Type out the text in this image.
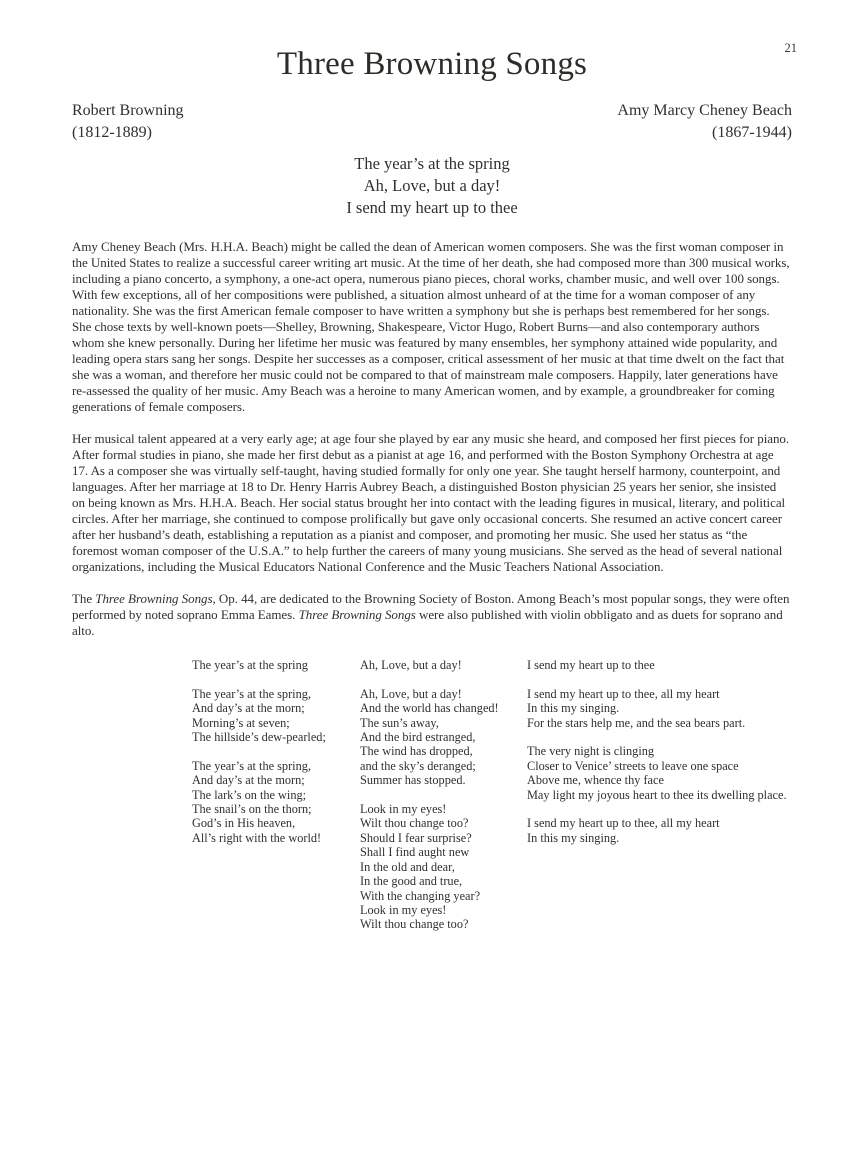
21
Three Browning Songs
Robert Browning
(1812-1889)
Amy Marcy Cheney Beach
(1867-1944)
The year’s at the spring
Ah, Love, but a day!
I send my heart up to thee

Amy Cheney Beach (Mrs. H.H.A. Beach) might be called the dean of American women composers. She was the first woman composer in the United States to realize a successful career writing art music. At the time of her death, she had composed more than 300 musical works, including a piano concerto, a symphony, a one-act opera, numerous piano pieces, choral works, chamber music, and well over 100 songs. With few exceptions, all of her compositions were published, a situation almost unheard of at the time for a woman composer of any nationality. She was the first American female composer to have written a symphony but she is perhaps best remembered for her songs. She chose texts by well-known poets—Shelley, Browning, Shakespeare, Victor Hugo, Robert Burns—and also contemporary authors whom she knew personally. During her lifetime her music was featured by many ensembles, her symphony attained wide popularity, and leading opera stars sang her songs. Despite her successes as a composer, critical assessment of her music at that time dwelt on the fact that she was a woman, and therefore her music could not be compared to that of mainstream male composers. Happily, later generations have re-assessed the quality of her music. Amy Beach was a heroine to many American women, and by example, a groundbreaker for coming generations of female composers.

Her musical talent appeared at a very early age; at age four she played by ear any music she heard, and composed her first pieces for piano. After formal studies in piano, she made her first debut as a pianist at age 16, and performed with the Boston Symphony Orchestra at age 17. As a composer she was virtually self-taught, having studied formally for only one year. She taught herself harmony, counterpoint, and languages. After her marriage at 18 to Dr. Henry Harris Aubrey Beach, a distinguished Boston physician 25 years her senior, she insisted on being known as Mrs. H.H.A. Beach. Her social status brought her into contact with the leading figures in musical, literary, and political circles. After her marriage, she continued to compose prolifically but gave only occasional concerts. She resumed an active concert career after her husband’s death, establishing a reputation as a pianist and composer, and promoting her music. She used her status as “the foremost woman composer of the U.S.A.” to help further the careers of many young musicians. She served as the head of several national organizations, including the Musical Educators National Conference and the Music Teachers National Association.

The Three Browning Songs, Op. 44, are dedicated to the Browning Society of Boston. Among Beach’s most popular songs, they were often performed by noted soprano Emma Eames. Three Browning Songs were also published with violin obbligato and as duets for soprano and alto.

The year’s at the spring

The year’s at the spring,
And day’s at the morn;
Morning’s at seven;
The hillside’s dew-pearled;

The year’s at the spring,
And day’s at the morn;
The lark’s on the wing;
The snail’s on the thorn;
God’s in His heaven,
All’s right with the world!
Ah, Love, but a day!

Ah, Love, but a day!
And the world has changed!
The sun’s away,
And the bird estranged,
The wind has dropped,
and the sky’s deranged;
Summer has stopped.

Look in my eyes!
Wilt thou change too?
Should I fear surprise?
Shall I find aught new
In the old and dear,
In the good and true,
With the changing year?
Look in my eyes!
Wilt thou change too?
I send my heart up to thee

I send my heart up to thee, all my heart
In this my singing.
For the stars help me, and the sea bears part.

The very night is clinging
Closer to Venice’ streets to leave one space
Above me, whence thy face
May light my joyous heart to thee its dwelling place.

I send my heart up to thee, all my heart
In this my singing.
